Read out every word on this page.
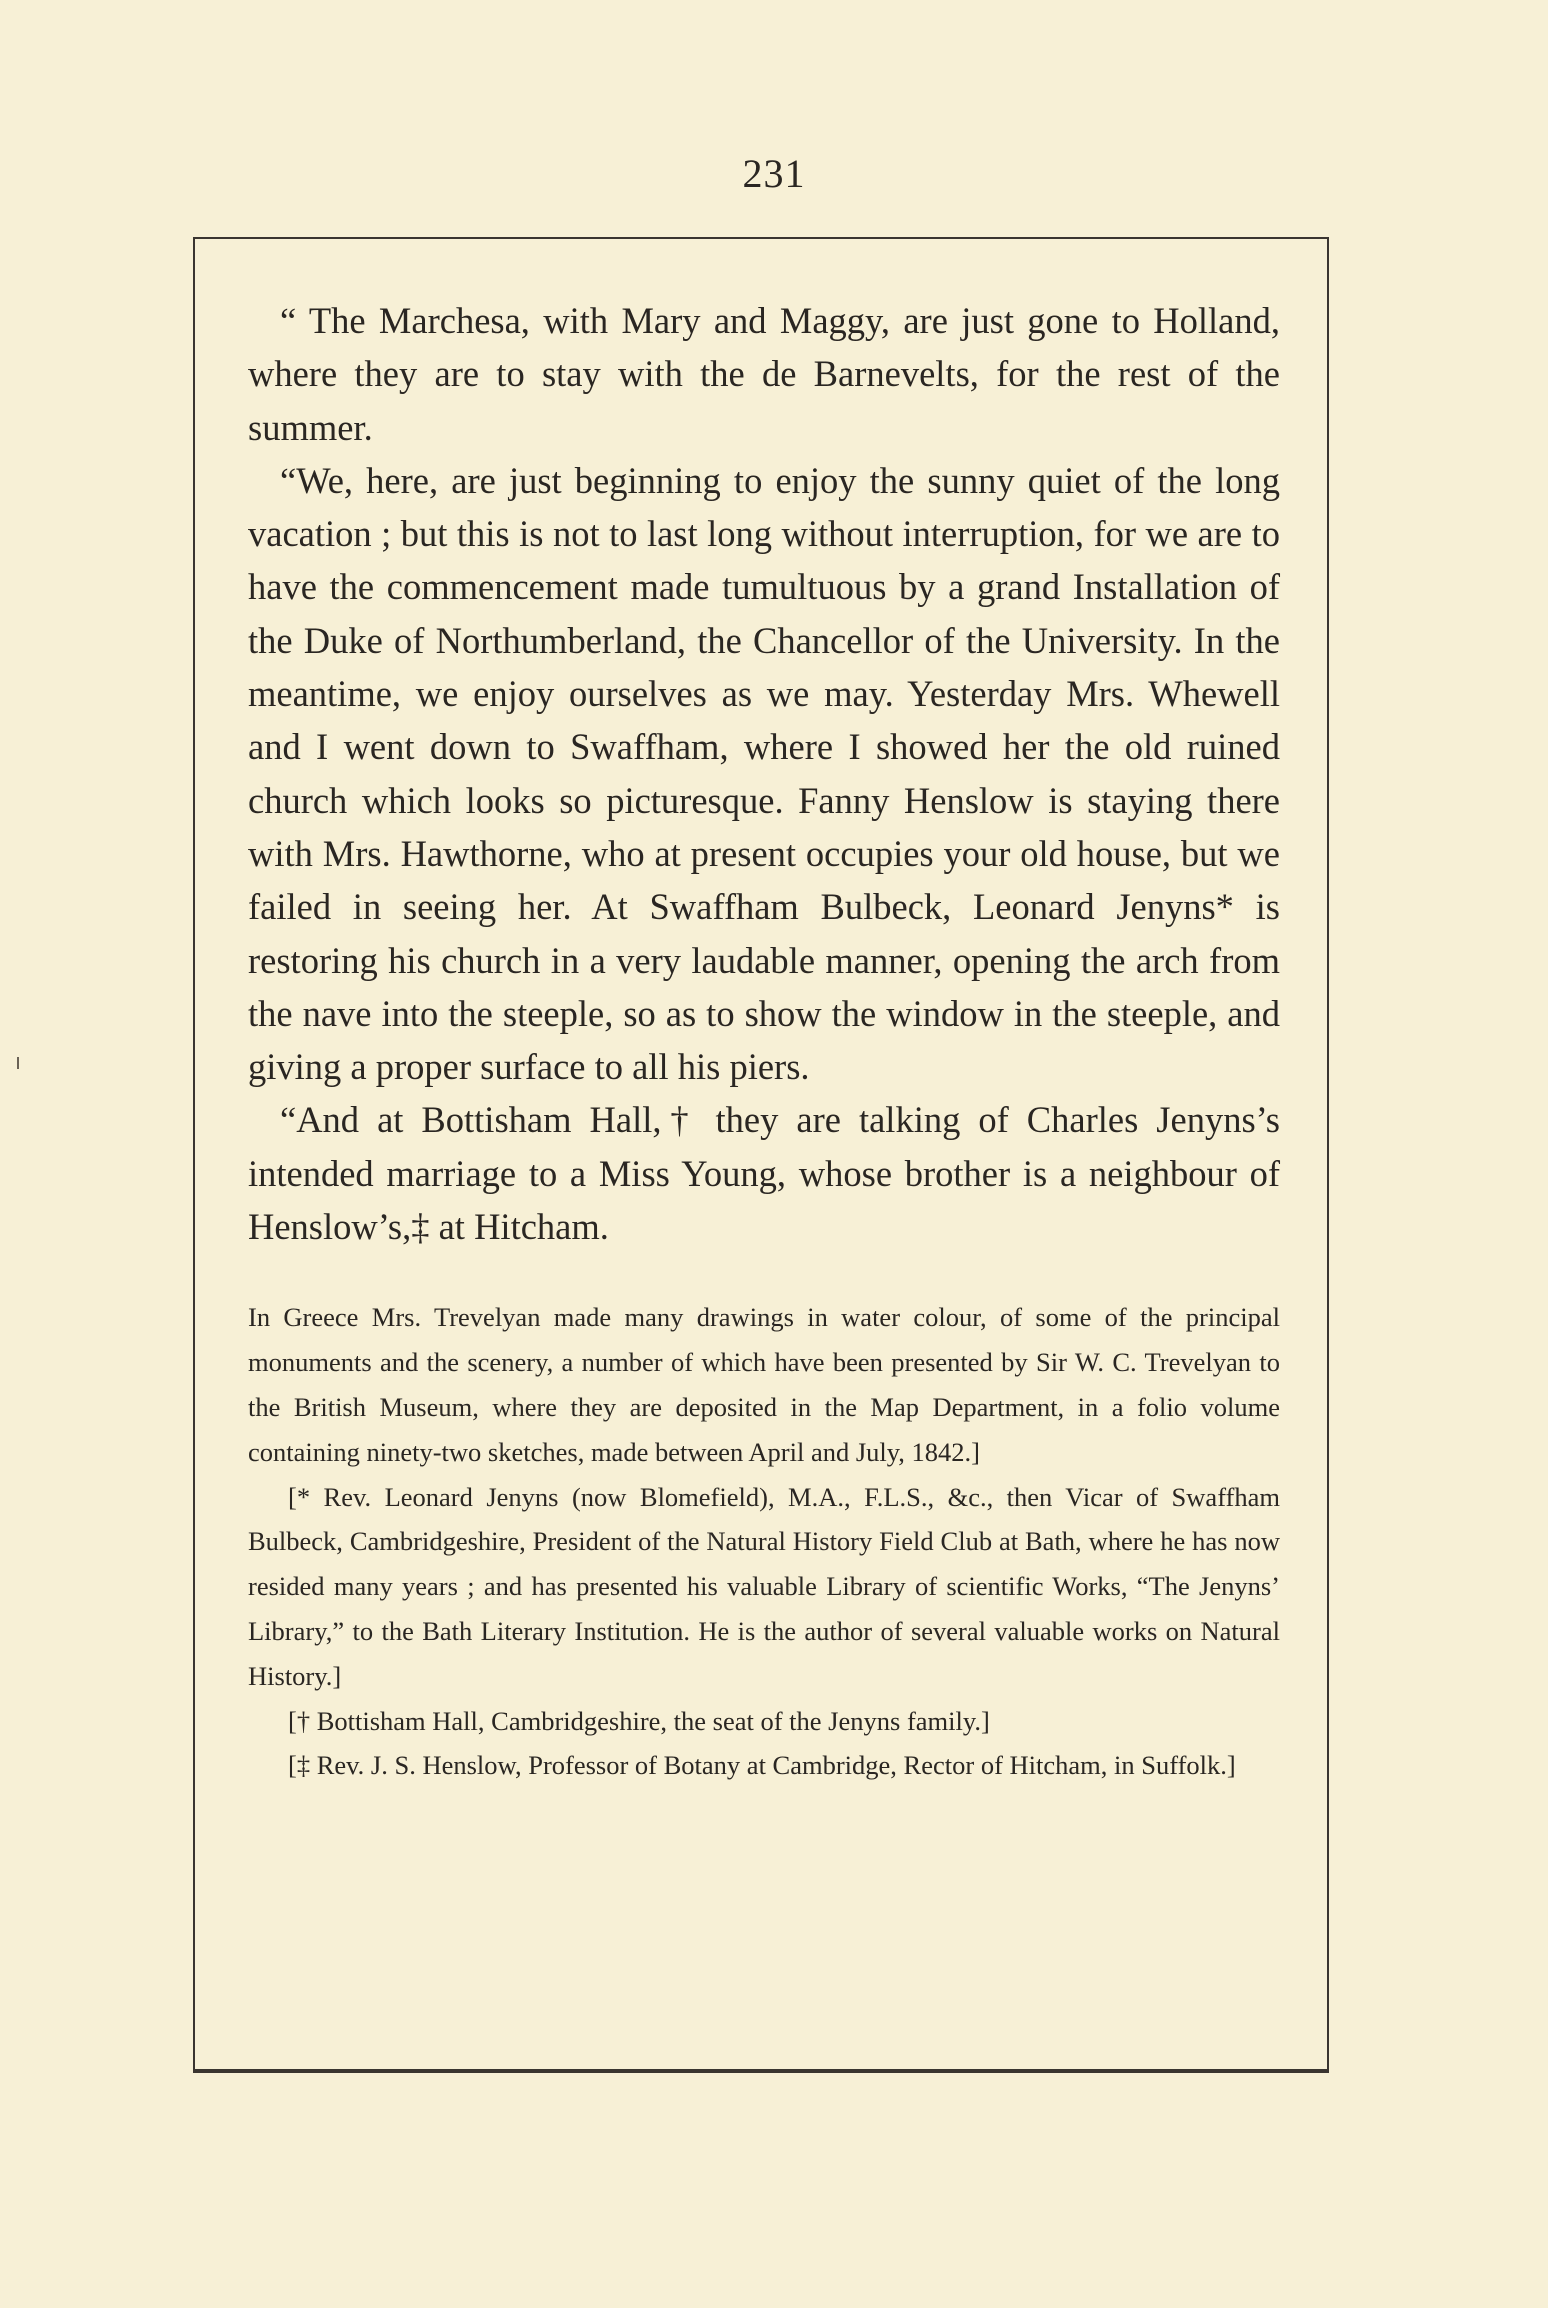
231

“ The Marchesa, with Mary and Maggy, are just gone to Holland, where they are to stay with the de Barnevelts, for the rest of the summer.

“We, here, are just beginning to enjoy the sunny quiet of the long vacation ; but this is not to last long without interruption, for we are to have the commencement made tumultuous by a grand Installation of the Duke of Northumberland, the Chancellor of the University. In the meantime, we enjoy ourselves as we may. Yesterday Mrs. Whewell and I went down to Swaffham, where I showed her the old ruined church which looks so picturesque. Fanny Henslow is staying there with Mrs. Hawthorne, who at present occupies your old house, but we failed in seeing her. At Swaffham Bulbeck, Leonard Jenyns* is restoring his church in a very laudable manner, opening the arch from the nave into the steeple, so as to show the window in the steeple, and giving a proper surface to all his piers.

“And at Bottisham Hall,† they are talking of Charles Jenyns’s intended marriage to a Miss Young, whose brother is a neighbour of Henslow’s,‡ at Hitcham.

In Greece Mrs. Trevelyan made many drawings in water colour, of some of the principal monuments and the scenery, a number of which have been presented by Sir W. C. Trevelyan to the British Museum, where they are deposited in the Map Department, in a folio volume containing ninety-two sketches, made between April and July, 1842.]

[* Rev. Leonard Jenyns (now Blomefield), M.A., F.L.S., &c., then Vicar of Swaffham Bulbeck, Cambridgeshire, President of the Natural History Field Club at Bath, where he has now resided many years ; and has presented his valuable Library of scientific Works, “The Jenyns’ Library,” to the Bath Literary Institution. He is the author of several valuable works on Natural History.]

[† Bottisham Hall, Cambridgeshire, the seat of the Jenyns family.]

[‡ Rev. J. S. Henslow, Professor of Botany at Cambridge, Rector of Hitcham, in Suffolk.]
